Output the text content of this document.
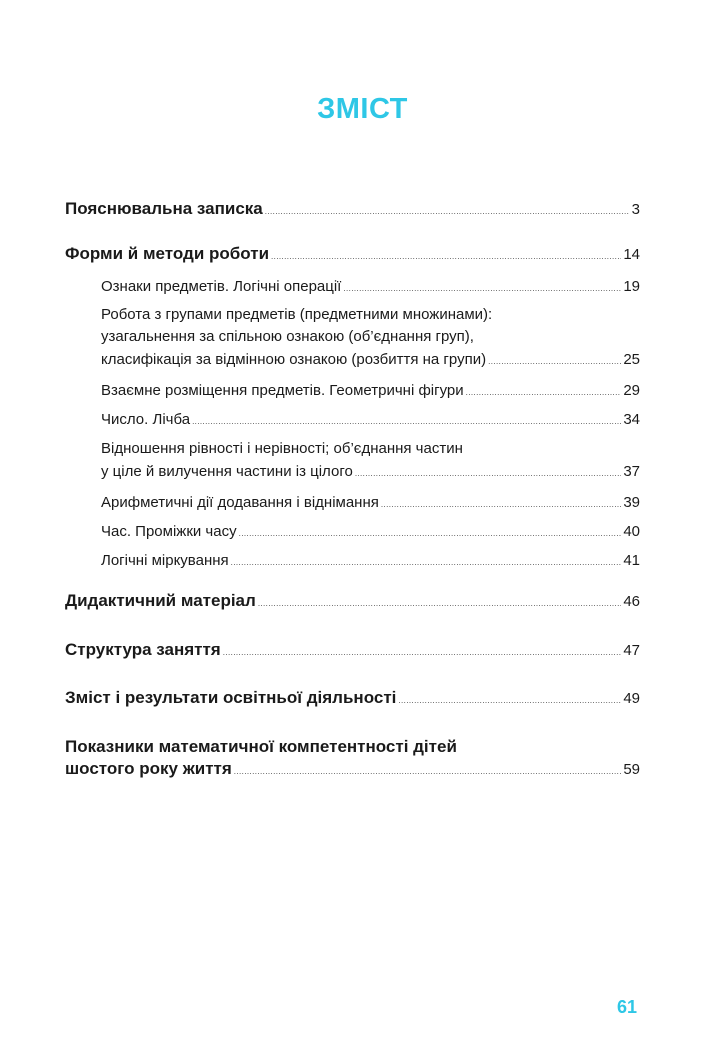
ЗМІСТ
Пояснювальна записка .....	3
Форми й методи роботи .....	14
Ознаки предметів. Логічні операції .....	19
Робота з групами предметів (предметними множинами):
узагальнення за спільною ознакою (об’єднання груп),
класифікація за відмінною ознакою (розбиття на групи) .....	25
Взаємне розміщення предметів. Геометричні фігури .....	29
Число. Лічба .....	34
Відношення рівності і нерівності; об’єднання частин
у ціле й вилучення частини із цілого .....	37
Арифметичні дії додавання і віднімання .....	39
Час. Проміжки часу .....	40
Логічні міркування .....	41
Дидактичний матеріал .....	46
Структура заняття .....	47
Зміст і результати освітньої діяльності .....	49
Показники математичної компетентності дітей
шостого року життя .....	59
61
